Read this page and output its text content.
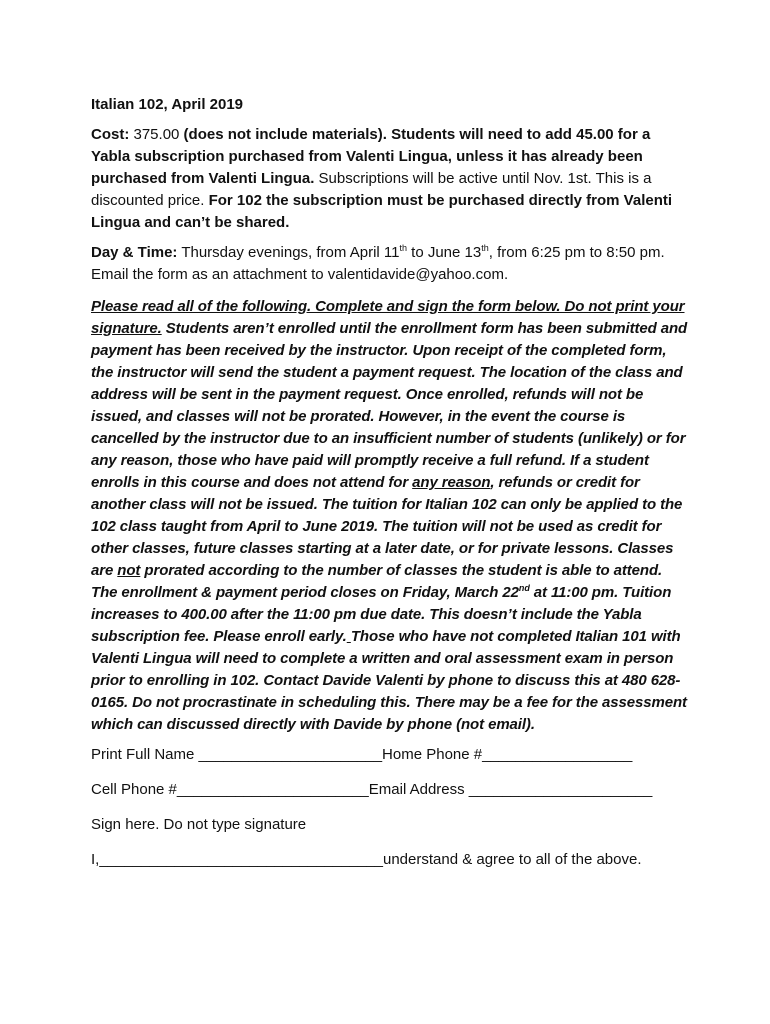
Italian 102, April 2019

Cost: 375.00 (does not include materials). Students will need to add 45.00 for a Yabla subscription purchased from Valenti Lingua, unless it has already been purchased from Valenti Lingua. Subscriptions will be active until Nov. 1st. This is a discounted price. For 102 the subscription must be purchased directly from Valenti Lingua and can’t be shared.

Day & Time: Thursday evenings, from April 11th to June 13th, from 6:25 pm to 8:50 pm. Email the form as an attachment to valentidavide@yahoo.com.

Please read all of the following. Complete and sign the form below. Do not print your signature. Students aren’t enrolled until the enrollment form has been submitted and payment has been received by the instructor. Upon receipt of the completed form, the instructor will send the student a payment request. The location of the class and address will be sent in the payment request. Once enrolled, refunds will not be issued, and classes will not be prorated. However, in the event the course is cancelled by the instructor due to an insufficient number of students (unlikely) or for any reason, those who have paid will promptly receive a full refund. If a student enrolls in this course and does not attend for any reason, refunds or credit for another class will not be issued. The tuition for Italian 102 can only be applied to the 102 class taught from April to June 2019. The tuition will not be used as credit for other classes, future classes starting at a later date, or for private lessons. Classes are not prorated according to the number of classes the student is able to attend. The enrollment & payment period closes on Friday, March 22nd at 11:00 pm. Tuition increases to 400.00 after the 11:00 pm due date. This doesn’t include the Yabla subscription fee. Please enroll early. Those who have not completed Italian 101 with Valenti Lingua will need to complete a written and oral assessment exam in person prior to enrolling in 102. Contact Davide Valenti by phone to discuss this at 480 628-0165. Do not procrastinate in scheduling this. There may be a fee for the assessment which can discussed directly with Davide by phone (not email).

Print Full Name ______________________Home Phone #__________________

Cell Phone #_______________________Email Address ______________________

Sign here. Do not type signature

I,__________________________________understand & agree to all of the above.
